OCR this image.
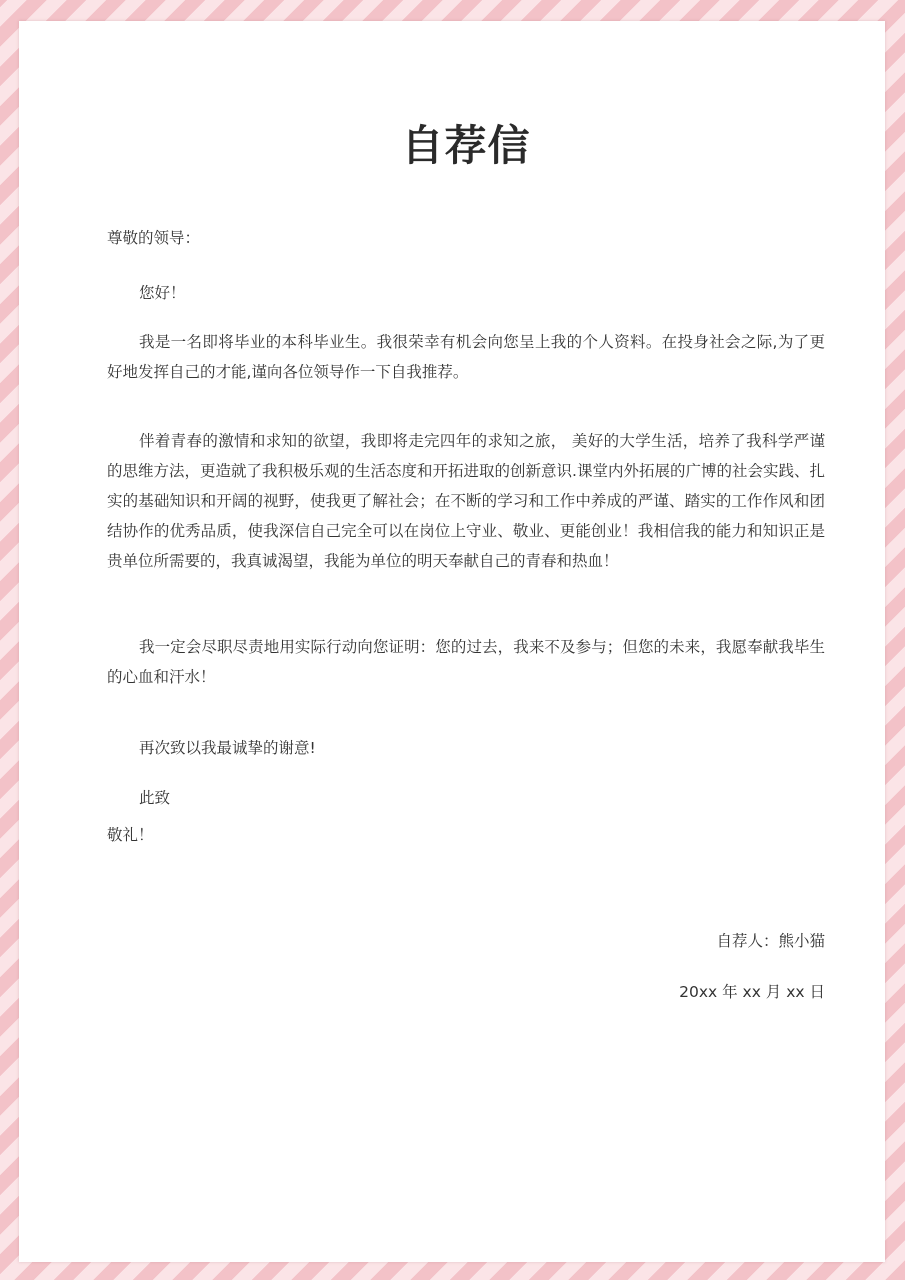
自荐信
尊敬的领导：
您好！

我是一名即将毕业的本科毕业生。我很荣幸有机会向您呈上我的个人资料。在投身社会之际,为了更好地发挥自己的才能,谨向各位领导作一下自我推荐。

伴着青春的激情和求知的欲望，我即将走完四年的求知之旅， 美好的大学生活，培养了我科学严谨的思维方法，更造就了我积极乐观的生活态度和开拓进取的创新意识.课堂内外拓展的广博的社会实践、扎实的基础知识和开阔的视野，使我更了解社会；在不断的学习和工作中养成的严谨、踏实的工作作风和团结协作的优秀品质，使我深信自己完全可以在岗位上守业、敬业、更能创业！我相信我的能力和知识正是贵单位所需要的，我真诚渴望，我能为单位的明天奉献自己的青春和热血！

我一定会尽职尽责地用实际行动向您证明：您的过去，我来不及参与；但您的未来，我愿奉献我毕生的心血和汗水！

再次致以我最诚挚的谢意!
此致
敬礼！
自荐人：熊小猫
20xx 年 xx 月 xx 日
